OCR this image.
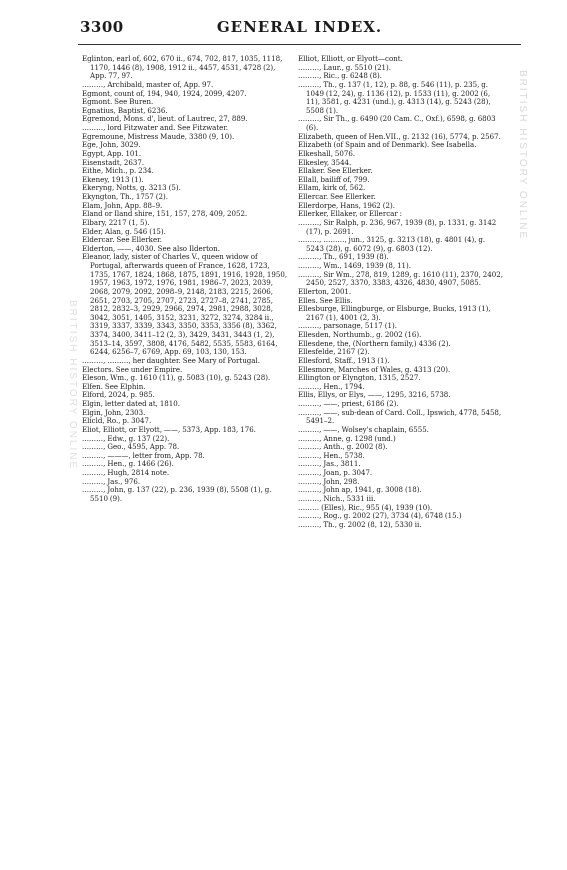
BRITISH HISTORY ONLINE
BRITISH HISTORY ONLINE
3300	GENERAL INDEX.
Eglinton, earl of, 602, 670 ii., 674, 702, 817, 1035, 1118, 1170, 1446 (8), 1908, 1912 ii., 4457, 4531, 4728 (2), App. 77, 97.
………, Archibald, master of, App. 97.
Egmont, count of, 194, 940, 1924, 2099, 4207.
Egmont. See Buren.
Egnatius, Baptist, 6236.
Egremond, Mons. d', lieut. of Lautrec, 27, 889.
………, lord Fitzwater and. See Fitzwater.
Egremoune, Mistress Maude, 3380 (9, 10).
Ege, John, 3029.
Egypt, App. 101.
Eisenstadt, 2637.
Eithe, Mich., p. 234.
Ekeney, 1913 (1).
Ekeryng, Notts, g. 3213 (5).
Ekyngton, Th., 1757 (2).
Elam, John, App. 88–9.
Eland or Iland shire, 151, 157, 278, 409, 2052.
Elbary, 2217 (1, 5).
Elder, Alan, g. 546 (15).
Eldercar. See Ellerker.
Elderton, ——, 4030. See also Ilderton.
Eleanor, lady, sister of Charles V., queen widow of Portugal, afterwards queen of France, 1628, 1723, 1735, 1767, 1824, 1868, 1875, 1891, 1916, 1928, 1950, 1957, 1963, 1972, 1976, 1981, 1986–7, 2023, 2039, 2068, 2079, 2092, 2098–9, 2148, 2183, 2215, 2606, 2651, 2703, 2705, 2707, 2723, 2727–8, 2741, 2785, 2812, 2832–3, 2929, 2966, 2974, 2981, 2988, 3028, 3042, 3051, 1405, 3152, 3231, 3272, 3274, 3284 ii., 3319, 3337, 3339, 3343, 3350, 3353, 3356 (8), 3362, 3374, 3400, 3411–12 (2, 3), 3429, 3431, 3443 (1, 2), 3513–14, 3597, 3808, 4176, 5482, 5535, 5583, 6164, 6244, 6256–7, 6769, App. 69, 103, 130, 153.
………, ………, her daughter. See Mary of Portugal.
Electors. See under Empire.
Eleson, Wm., g. 1610 (11), g. 5083 (10), g. 5243 (28).
Elfen. See Elphin.
Elford, 2024, p. 985.
Elgin, letter dated at, 1810.
Elgin, John, 2303.
Elicld, Ro., p. 3047.
Eliot, Elliott, or Elyott, ——, 5373, App. 183, 176.
………, Edw., g. 137 (22).
………, Geo., 4595, App. 78.
………, ———, letter from, App. 78.
………, Hen., g. 1466 (26).
………, Hugh, 2814 note.
………, Jas., 976.
………, John, g. 137 (22), p. 236, 1939 (8), 5508 (1), g. 5510 (9).
Elliot, Elliott, or Elyott—cont.
………, Laur., g. 5510 (21).
………, Ric., g. 6248 (8).
………, Th., g. 137 (1, 12), p. 88, g. 546 (11), p. 235, g. 1049 (12, 24), g. 1136 (12), p. 1533 (11), g. 2002 (6, 11), 3581, g. 4231 (und.), g. 4313 (14), g. 5243 (28), 5508 (1).
………, Sir Th., g. 6490 (20 Cam. C., Oxf.), 6598, g. 6803 (6).
Elizabeth, queen of Hen.VII., g. 2132 (16), 5774, p. 2567.
Elizabeth (of Spain and of Denmark). See Isabella.
Elkeshall, 5076.
Elkesley, 3544.
Ellaker. See Ellerker.
Ellall, bailiff of, 799.
Ellam, kirk of, 562.
Ellercar. See Ellerker.
Ellerdorpe, Hans, 1962 (2).
Ellerker, Ellaker, or Ellercar :
………, Sir Ralph, p. 236, 967, 1939 (8), p. 1331, g. 3142 (17), p. 2691.
………, ………, jun., 3125, g. 3213 (18), g. 4801 (4), g. 5243 (28), g. 6072 (9), g. 6803 (12).
………, Th., 691, 1939 (8).
………, Wm., 1469, 1939 (8, 11).
………, Sir Wm., 278, 819, 1289, g. 1610 (11), 2370, 2402, 2450, 2527, 3370, 3383, 4326, 4830, 4907, 5085.
Ellerton, 2001.
Elles. See Ellis.
Ellesburge, Ellingburge, or Elsburge, Bucks, 1913 (1), 2167 (1), 4001 (2, 3).
………, parsonage, 5117 (1).
Ellesden, Northumb., g. 2002 (16).
Ellesdene, the, (Northern family,) 4336 (2).
Ellesfelde, 2167 (2).
Ellesford, Staff., 1913 (1).
Ellesmore, Marches of Wales, g. 4313 (20).
Ellington or Elyngton, 1315, 2527.
………, Hen., 1794.
Ellis, Ellys, or Elys, ——, 1295, 3216, 5738.
………, ——, priest, 6186 (2).
………, ——, sub-dean of Card. Coll., Ipswich, 4778, 5458, 5491–2.
………, ——, Wolsey's chaplain, 6555.
………, Anne, g. 1298 (und.)
………, Anth., g. 2002 (8).
………, Hen., 5738.
………, Jas., 3811.
………, Joan, p. 3047.
………, John, 298.
………, John ap, 1941, g. 3008 (18).
………, Nich., 5331 iii.
……… (Elles), Ric., 955 (4), 1939 (10).
………, Rog., g. 2002 (27), 3734 (4), 6748 (15.)
………, Th., g. 2002 (8, 12), 5330 ii.
